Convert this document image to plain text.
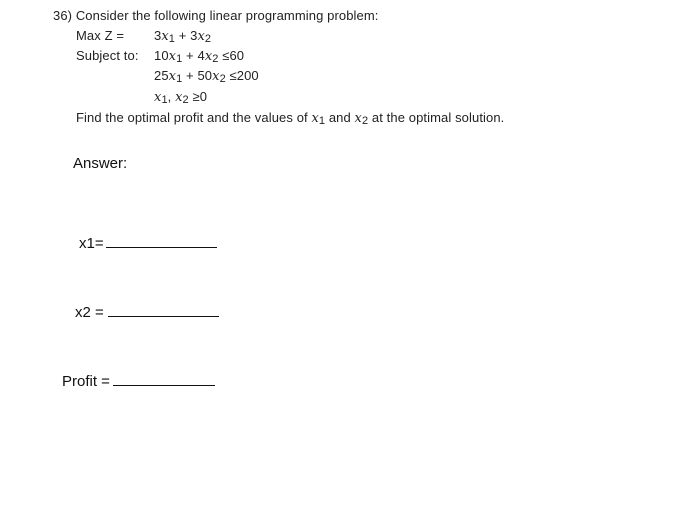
36) Consider the following linear programming problem:
Max Z = 3x1 + 3x2
Subject to: 10x1 + 4x2 ≤60
25x1 + 50x2 ≤200
x1, x2 ≥0
Find the optimal profit and the values of x1 and x2 at the optimal solution.
Answer:
x1=
x2 =
Profit =
